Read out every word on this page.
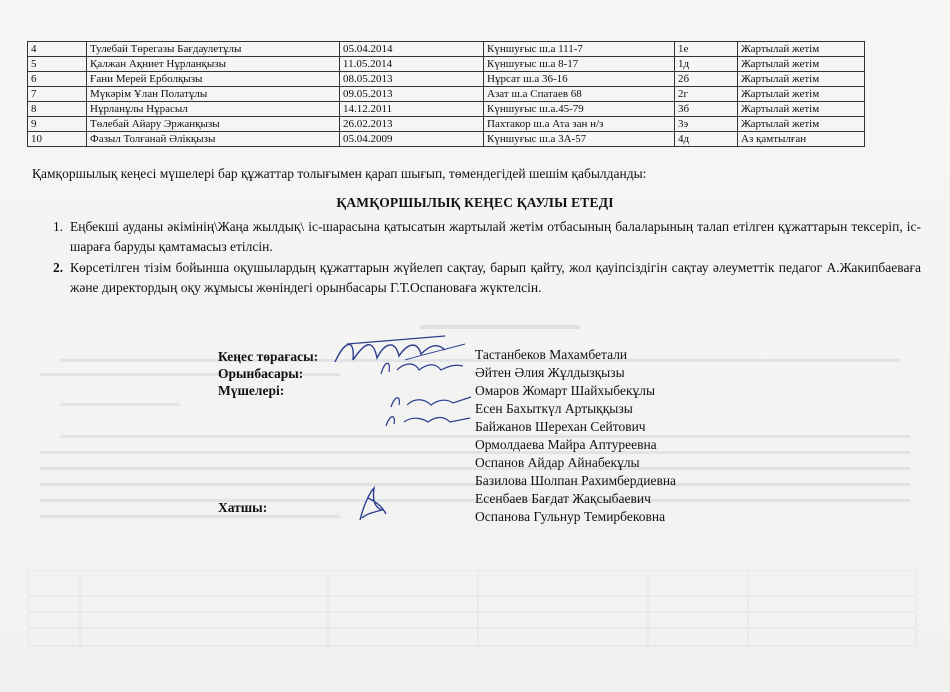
4	Тулебай Төрегазы Бағдаулетұлы	05.04.2014	Күншуғыс ш.а 111-7	1е	Жартылай жетім
5	Қалжан Ақниет Нұрланқызы	11.05.2014	Күншуғыс ш.а 8-17	1д	Жартылай жетім
6	Ғани Мерей Ерболқызы	08.05.2013	Нұрсат ш.а 36-16	2б	Жартылай жетім
7	Мүкәрім Ұлан Полатұлы	09.05.2013	Азат ш.а Спатаев 68	2г	Жартылай жетім
8	Нұрланұлы Нұрасыл	14.12.2011	Күншуғыс ш.а.45-79	3б	Жартылай жетім
9	Төлебай Айару Эржанқызы	26.02.2013	Пахтакор ш.а Ата зан н/з	3э	Жартылай жетім
10	Фазыл Толғанай Әлікқызы	05.04.2009	Күншуғыс ш.а 3А-57	4д	Аз қамтылған
Қамқоршылық кеңесі мүшелері бар құжаттар толығымен қарап шығып, төмендегідей шешім қабылданды:
ҚАМҚОРШЫЛЫҚ КЕҢЕС ҚАУЛЫ ЕТЕДІ
1. Еңбекші ауданы әкімінің\Жаңа жылдық\ іс-шарасына қатысатын жартылай жетім отбасының балаларының талап етілген құжаттарын тексеріп, іс-шараға баруды қамтамасыз етілсін.
2. Көрсетілген тізім бойынша оқушылардың құжаттарын жүйелеп сақтау, барып қайту, жол қауіпсіздігін сақтау әлеуметтік педагог А.Жакипбаеваға және директордың оқу жұмысы жөніндегі орынбасары Г.Т.Оспановаға жүктелсін.
Кеңес төрағасы:
Орынбасары:
Мүшелері:
Хатшы:
Тастанбеков Махамбетали
Әйтен Әлия Жұлдызқызы
Омаров Жомарт Шайхыбекұлы
Есен Бахыткүл Артыққызы
Байжанов Шерехан Сейтович
Ормолдаева Майра Аптуреевна
Оспанов Айдар Айнабекұлы
Базилова Шолпан Рахимбердиевна
Есенбаев Бағдат Жақсыбаевич
Оспанова Гульнур Темирбековна
